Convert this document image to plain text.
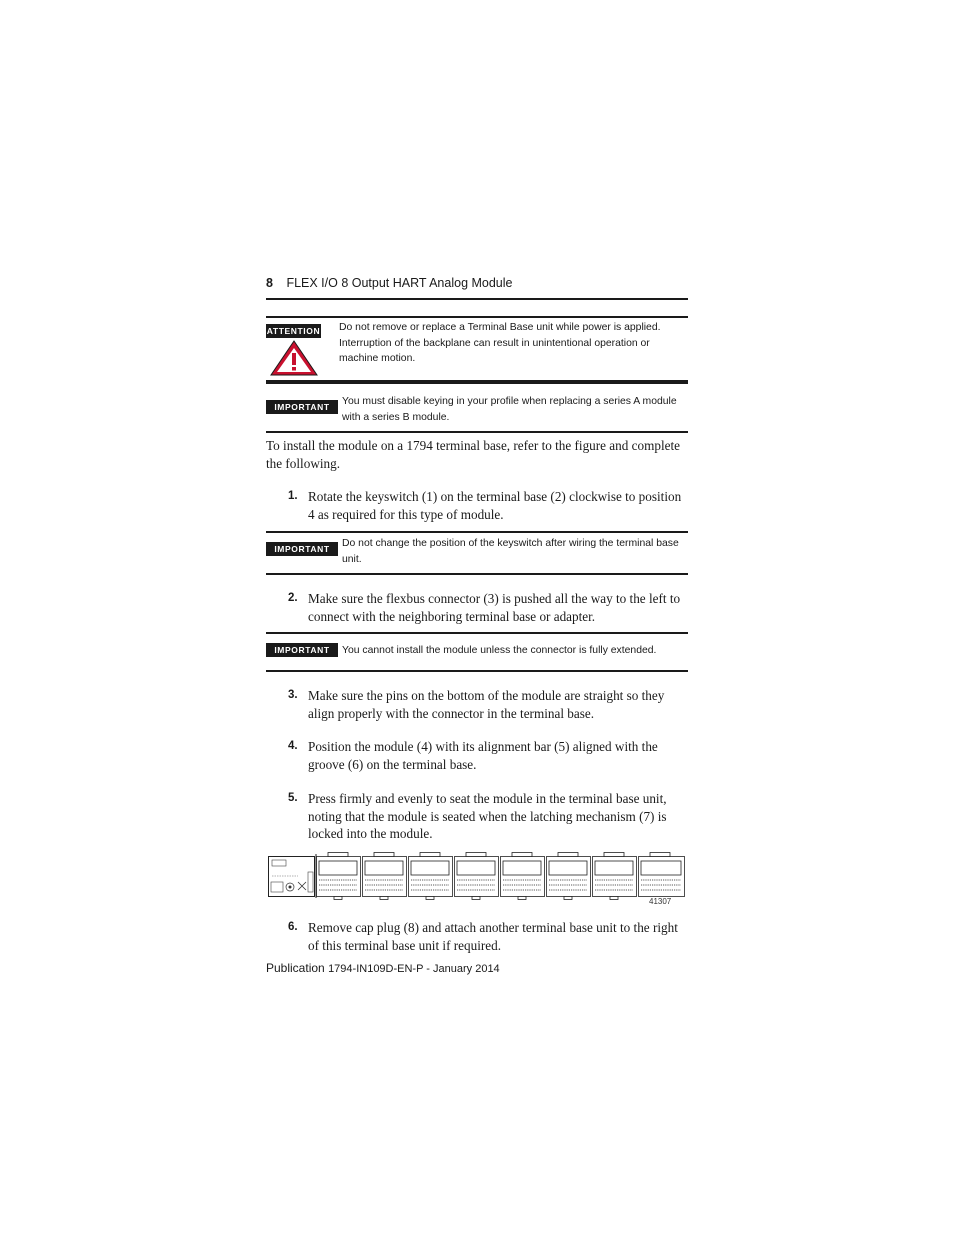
8 FLEX I/O 8 Output HART Analog Module
ATTENTION Do not remove or replace a Terminal Base unit while power is applied. Interruption of the backplane can result in unintentional operation or machine motion.
IMPORTANT	You must disable keying in your profile when replacing a series A module with a series B module.
To install the module on a 1794 terminal base, refer to the figure and complete the following.
1. Rotate the keyswitch (1) on the terminal base (2) clockwise to position 4 as required for this type of module.
IMPORTANT	Do not change the position of the keyswitch after wiring the terminal base unit.
2. Make sure the flexbus connector (3) is pushed all the way to the left to connect with the neighboring terminal base or adapter.
IMPORTANT	You cannot install the module unless the connector is fully extended.
3. Make sure the pins on the bottom of the module are straight so they align properly with the connector in the terminal base.
4. Position the module (4) with its alignment bar (5) aligned with the groove (6) on the terminal base.
5. Press firmly and evenly to seat the module in the terminal base unit, noting that the module is seated when the latching mechanism (7) is locked into the module.
41307
6. Remove cap plug (8) and attach another terminal base unit to the right of this terminal base unit if required.
Publication 1794-IN109D-EN-P - January 2014
